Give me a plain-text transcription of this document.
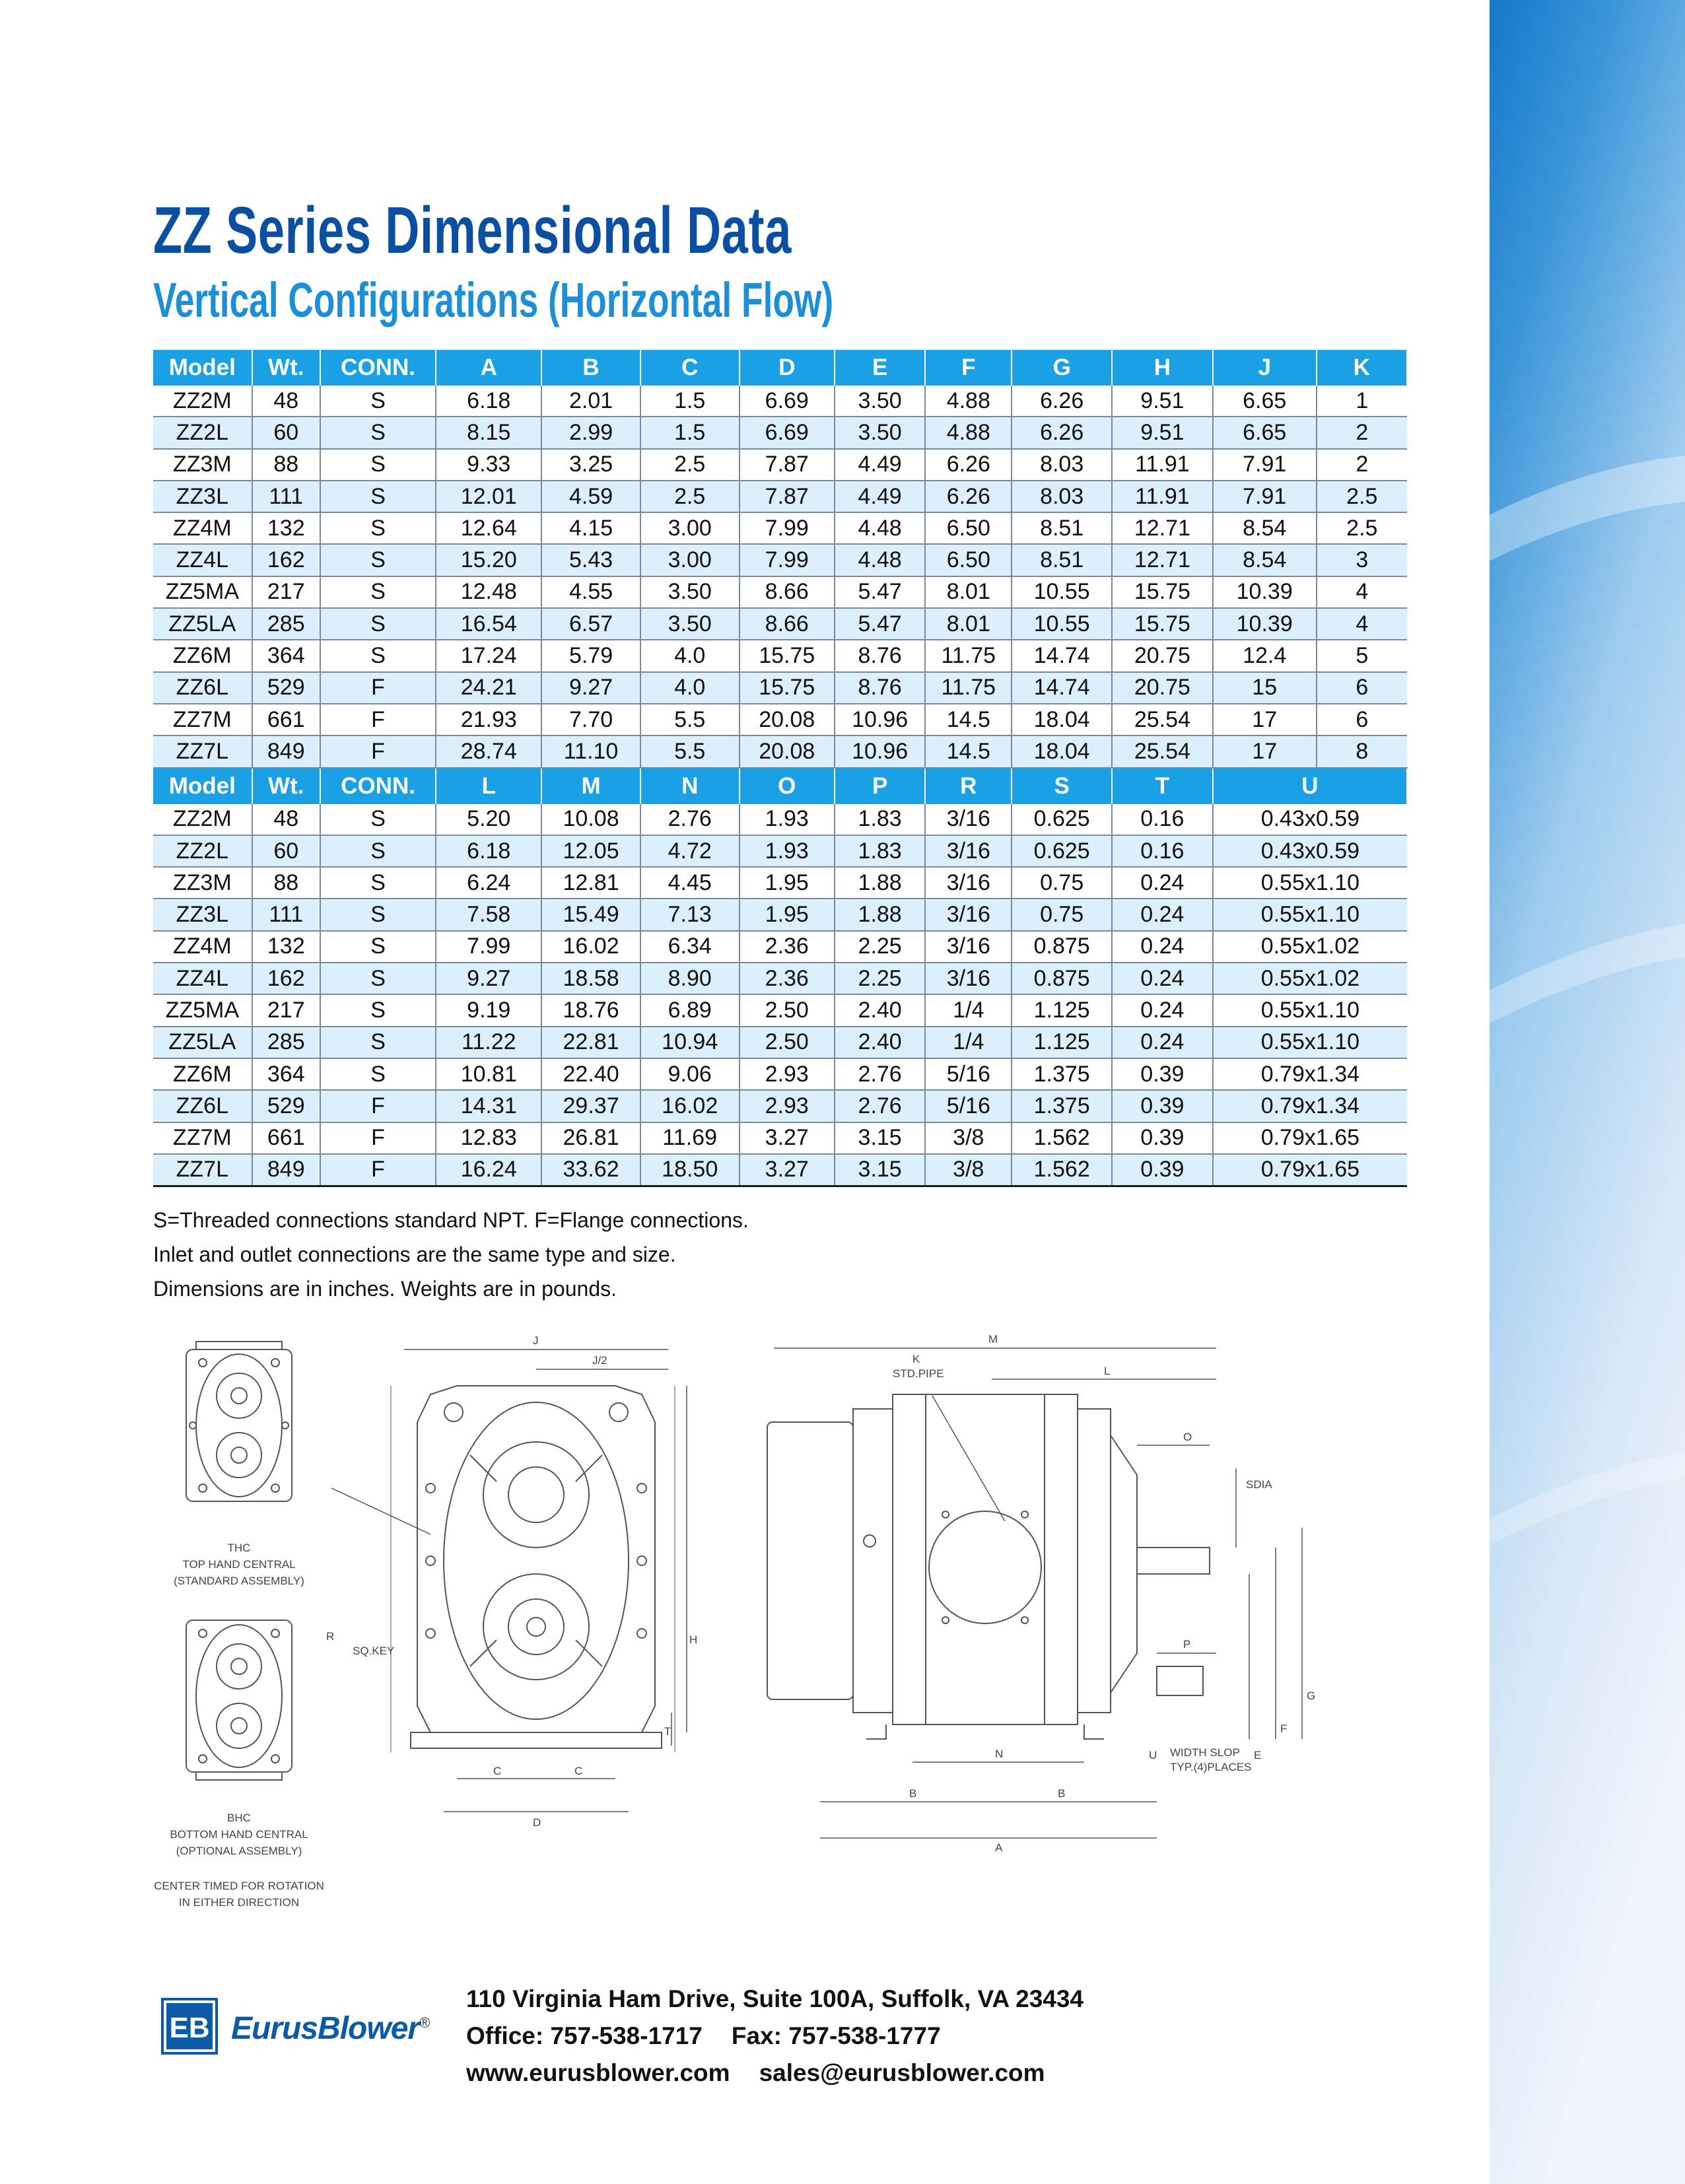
ZZ Series Dimensional Data
Vertical Configurations (Horizontal Flow)
Model	Wt.	CONN.	A	B	C	D	E	F	G	H	J	K
ZZ2M	48	S	6.18	2.01	1.5	6.69	3.50	4.88	6.26	9.51	6.65	1
ZZ2L	60	S	8.15	2.99	1.5	6.69	3.50	4.88	6.26	9.51	6.65	2
ZZ3M	88	S	9.33	3.25	2.5	7.87	4.49	6.26	8.03	11.91	7.91	2
ZZ3L	111	S	12.01	4.59	2.5	7.87	4.49	6.26	8.03	11.91	7.91	2.5
ZZ4M	132	S	12.64	4.15	3.00	7.99	4.48	6.50	8.51	12.71	8.54	2.5
ZZ4L	162	S	15.20	5.43	3.00	7.99	4.48	6.50	8.51	12.71	8.54	3
ZZ5MA	217	S	12.48	4.55	3.50	8.66	5.47	8.01	10.55	15.75	10.39	4
ZZ5LA	285	S	16.54	6.57	3.50	8.66	5.47	8.01	10.55	15.75	10.39	4
ZZ6M	364	S	17.24	5.79	4.0	15.75	8.76	11.75	14.74	20.75	12.4	5
ZZ6L	529	F	24.21	9.27	4.0	15.75	8.76	11.75	14.74	20.75	15	6
ZZ7M	661	F	21.93	7.70	5.5	20.08	10.96	14.5	18.04	25.54	17	6
ZZ7L	849	F	28.74	11.10	5.5	20.08	10.96	14.5	18.04	25.54	17	8
Model	Wt.	CONN.	L	M	N	O	P	R	S	T	U	
ZZ2M	48	S	5.20	10.08	2.76	1.93	1.83	3/16	0.625	0.16	0.43x0.59	
ZZ2L	60	S	6.18	12.05	4.72	1.93	1.83	3/16	0.625	0.16	0.43x0.59	
ZZ3M	88	S	6.24	12.81	4.45	1.95	1.88	3/16	0.75	0.24	0.55x1.10	
ZZ3L	111	S	7.58	15.49	7.13	1.95	1.88	3/16	0.75	0.24	0.55x1.10	
ZZ4M	132	S	7.99	16.02	6.34	2.36	2.25	3/16	0.875	0.24	0.55x1.02	
ZZ4L	162	S	9.27	18.58	8.90	2.36	2.25	3/16	0.875	0.24	0.55x1.02	
ZZ5MA	217	S	9.19	18.76	6.89	2.50	2.40	1/4	1.125	0.24	0.55x1.10	
ZZ5LA	285	S	11.22	22.81	10.94	2.50	2.40	1/4	1.125	0.24	0.55x1.10	
ZZ6M	364	S	10.81	22.40	9.06	2.93	2.76	5/16	1.375	0.39	0.79x1.34	
ZZ6L	529	F	14.31	29.37	16.02	2.93	2.76	5/16	1.375	0.39	0.79x1.34	
ZZ7M	661	F	12.83	26.81	11.69	3.27	3.15	3/8	1.562	0.39	0.79x1.65	
ZZ7L	849	F	16.24	33.62	18.50	3.27	3.15	3/8	1.562	0.39	0.79x1.65	
S=Threaded connections standard NPT. F=Flange connections.
Inlet and outlet connections are the same type and size.
Dimensions are in inches. Weights are in pounds.
THC
TOP HAND CENTRAL
(STANDARD ASSEMBLY)
BHC
BOTTOM HAND CENTRAL
(OPTIONAL ASSEMBLY)
CENTER TIMED FOR ROTATION
IN EITHER DIRECTION
J
J/2
R
SQ.KEY
H
T
C	C
D
M
K
STD.PIPE	L
O
SDIA
P
G
F
E
N	U WIDTH SLOP
TYP.(4)PLACES
B	B
A
EB EurusBlower®
110 Virginia Ham Drive, Suite 100A, Suffolk, VA 23434
Office: 757-538-1717 Fax: 757-538-1777
www.eurusblower.com sales@eurusblower.com
